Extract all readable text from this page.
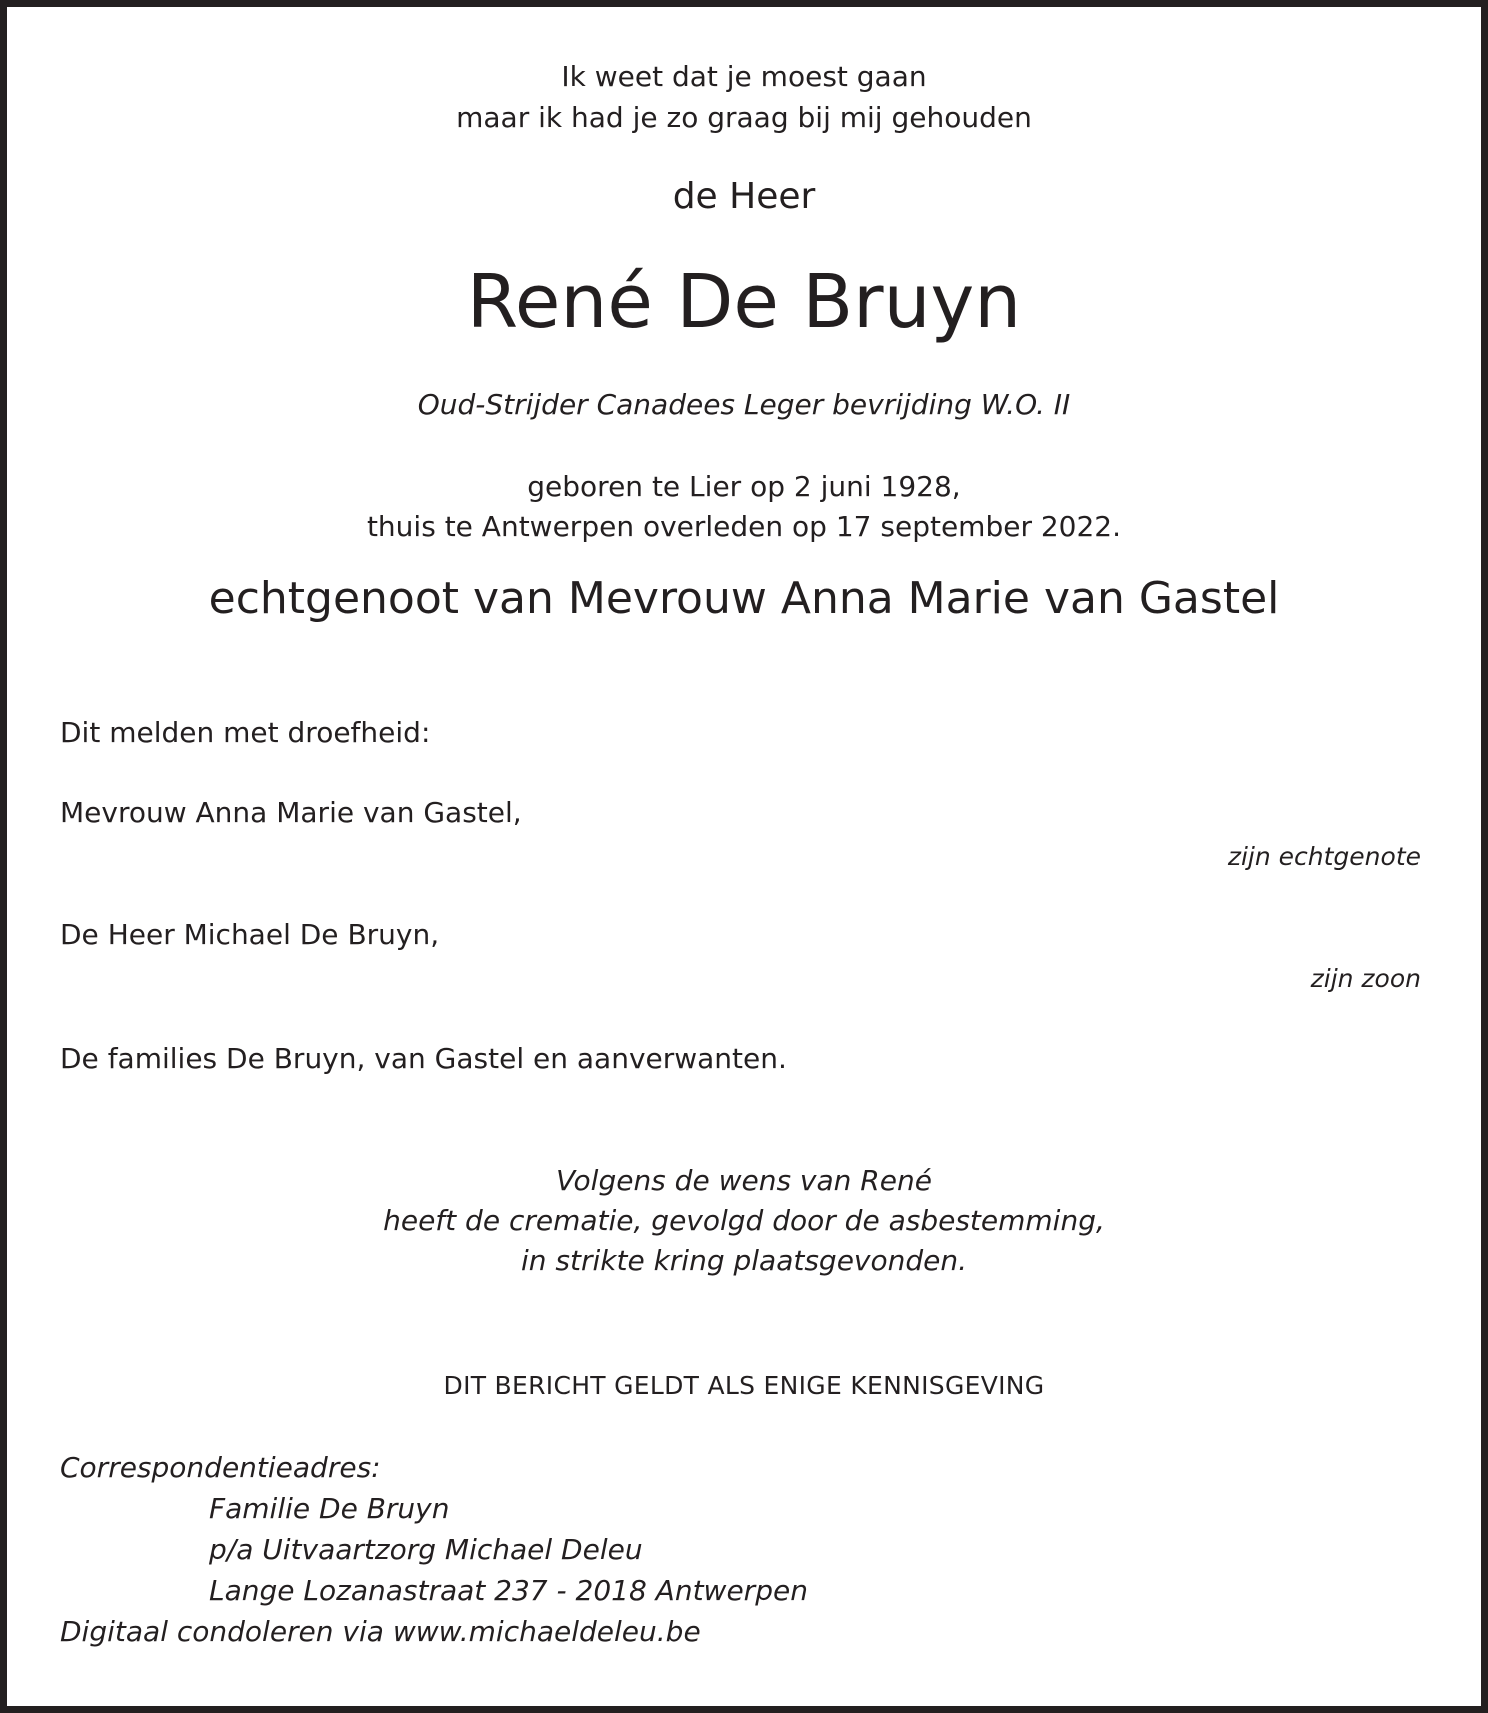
Ik weet dat je moest gaan
maar ik had je zo graag bij mij gehouden
de Heer
René De Bruyn
Oud-Strijder Canadees Leger bevrijding W.O. II
geboren te Lier op 2 juni 1928,
thuis te Antwerpen overleden op 17 september 2022.
echtgenoot van Mevrouw Anna Marie van Gastel
Dit melden met droefheid:
Mevrouw Anna Marie van Gastel,
zijn echtgenote
De Heer Michael De Bruyn,
zijn zoon
De families De Bruyn, van Gastel en aanverwanten.
Volgens de wens van René
heeft de crematie, gevolgd door de asbestemming,
in strikte kring plaatsgevonden.
DIT BERICHT GELDT ALS ENIGE KENNISGEVING
Correspondentieadres:
Familie De Bruyn
p/a Uitvaartzorg Michael Deleu
Lange Lozanastraat 237 - 2018 Antwerpen
Digitaal condoleren via www.michaeldeleu.be
